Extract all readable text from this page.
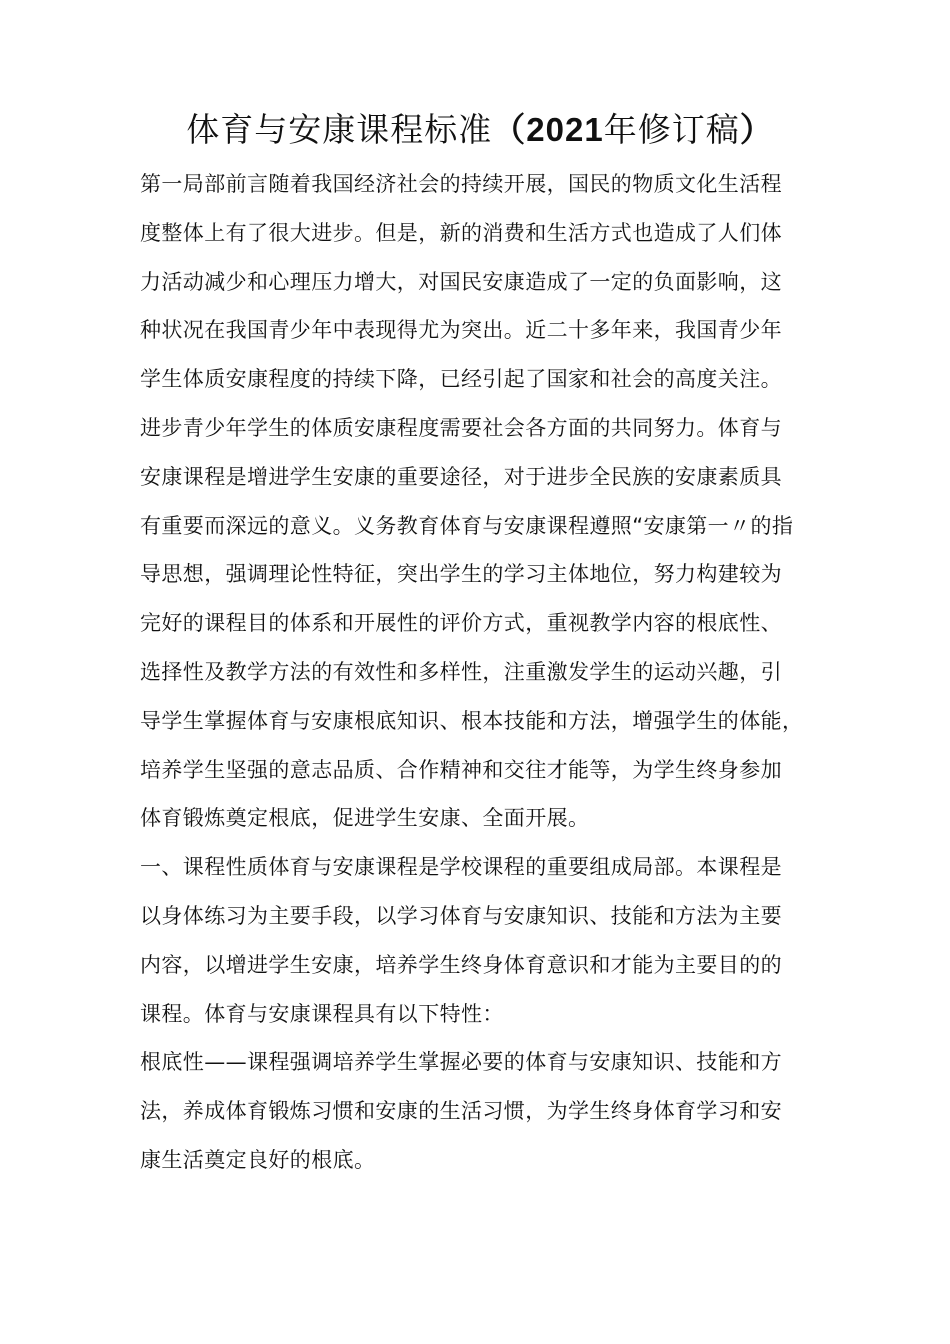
体育与安康课程标准（2021年修订稿）
第一局部前言随着我国经济社会的持续开展，国民的物质文化生活程
度整体上有了很大进步。但是，新的消费和生活方式也造成了人们体
力活动减少和心理压力增大，对国民安康造成了一定的负面影响，这
种状况在我国青少年中表现得尤为突出。近二十多年来，我国青少年
学生体质安康程度的持续下降，已经引起了国家和社会的高度关注。
进步青少年学生的体质安康程度需要社会各方面的共同努力。体育与
安康课程是增进学生安康的重要途径，对于进步全民族的安康素质具
有重要而深远的意义。义务教育体育与安康课程遵照“安康第一〃的指
导思想，强调理论性特征，突出学生的学习主体地位，努力构建较为
完好的课程目的体系和开展性的评价方式，重视教学内容的根底性、
选择性及教学方法的有效性和多样性，注重激发学生的运动兴趣，引
导学生掌握体育与安康根底知识、根本技能和方法，增强学生的体能，
培养学生坚强的意志品质、合作精神和交往才能等，为学生终身参加
体育锻炼奠定根底，促进学生安康、全面开展。
一、课程性质体育与安康课程是学校课程的重要组成局部。本课程是
以身体练习为主要手段，以学习体育与安康知识、技能和方法为主要
内容，以增进学生安康，培养学生终身体育意识和才能为主要目的的
课程。体育与安康课程具有以下特性：
根底性——课程强调培养学生掌握必要的体育与安康知识、技能和方
法，养成体育锻炼习惯和安康的生活习惯，为学生终身体育学习和安
康生活奠定良好的根底。
